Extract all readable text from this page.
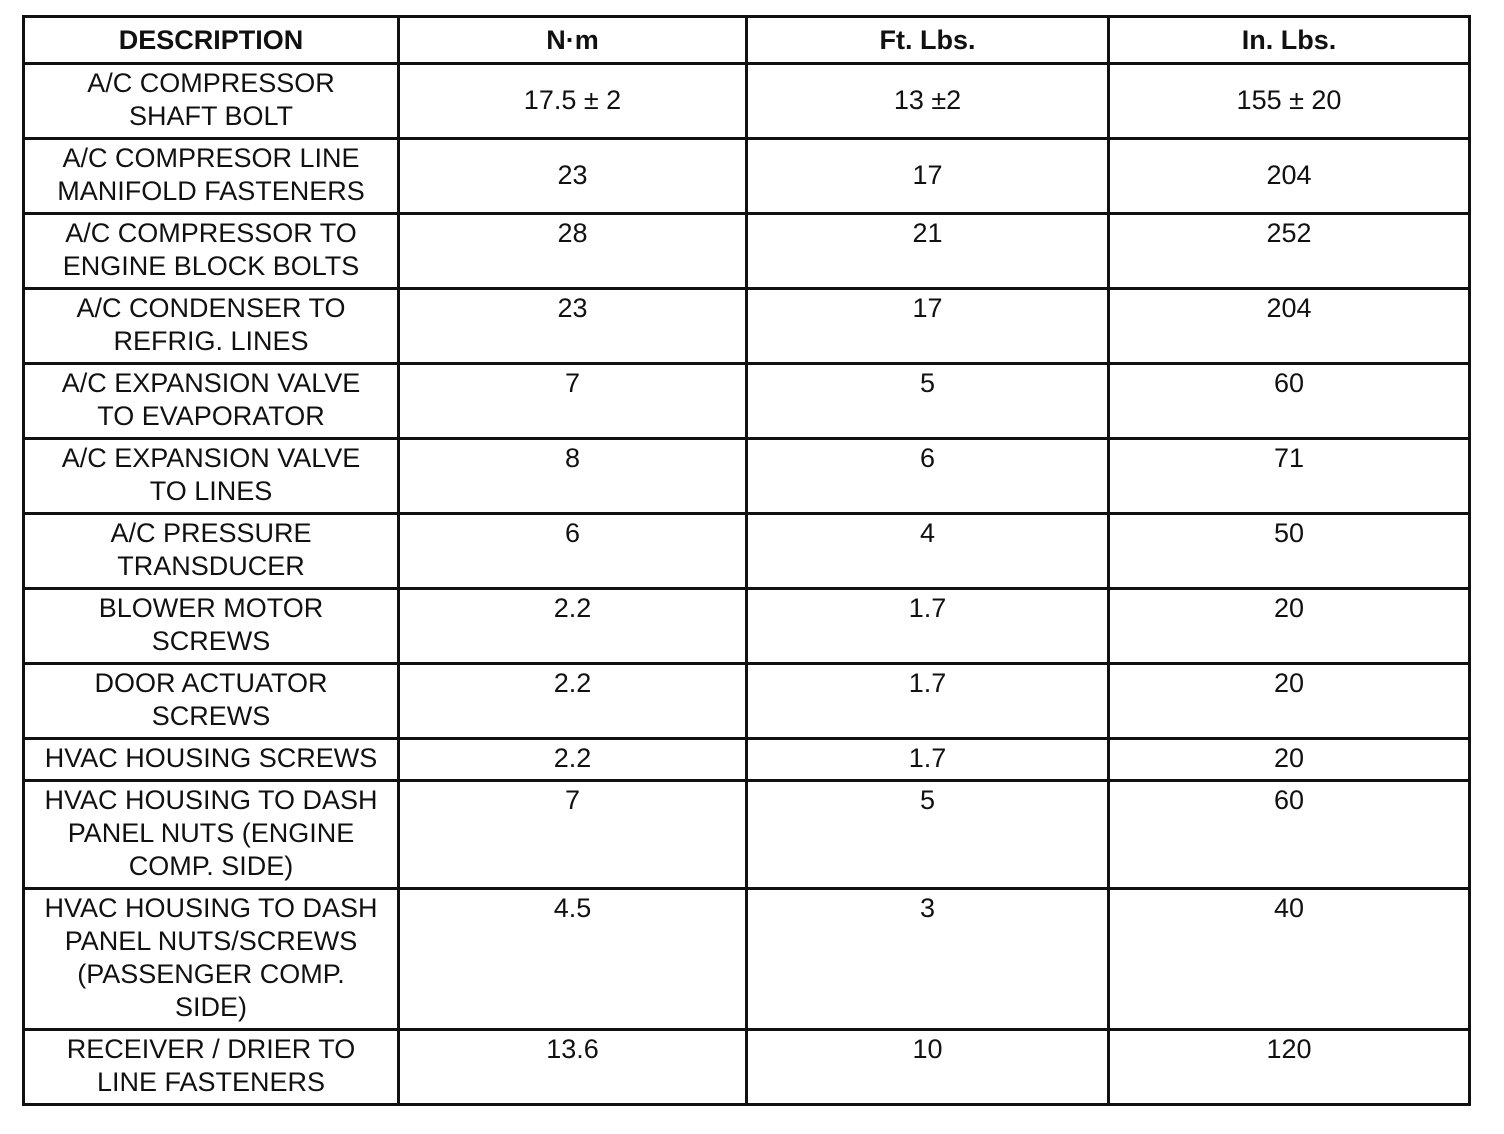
DESCRIPTION	N·m	Ft. Lbs.	In. Lbs.
A/C COMPRESSOR
SHAFT BOLT	17.5 ± 2	13 ±2	155 ± 20
A/C COMPRESOR LINE
MANIFOLD FASTENERS	23	17	204
A/C COMPRESSOR TO
ENGINE BLOCK BOLTS	28	21	252
A/C CONDENSER TO
REFRIG. LINES	23	17	204
A/C EXPANSION VALVE
TO EVAPORATOR	7	5	60
A/C EXPANSION VALVE
TO LINES	8	6	71
A/C PRESSURE
TRANSDUCER	6	4	50
BLOWER MOTOR
SCREWS	2.2	1.7	20
DOOR ACTUATOR
SCREWS	2.2	1.7	20
HVAC HOUSING SCREWS	2.2	1.7	20
HVAC HOUSING TO DASH
PANEL NUTS (ENGINE
COMP. SIDE)	7	5	60
HVAC HOUSING TO DASH
PANEL NUTS/SCREWS
(PASSENGER COMP.
SIDE)	4.5	3	40
RECEIVER / DRIER TO
LINE FASTENERS	13.6	10	120
